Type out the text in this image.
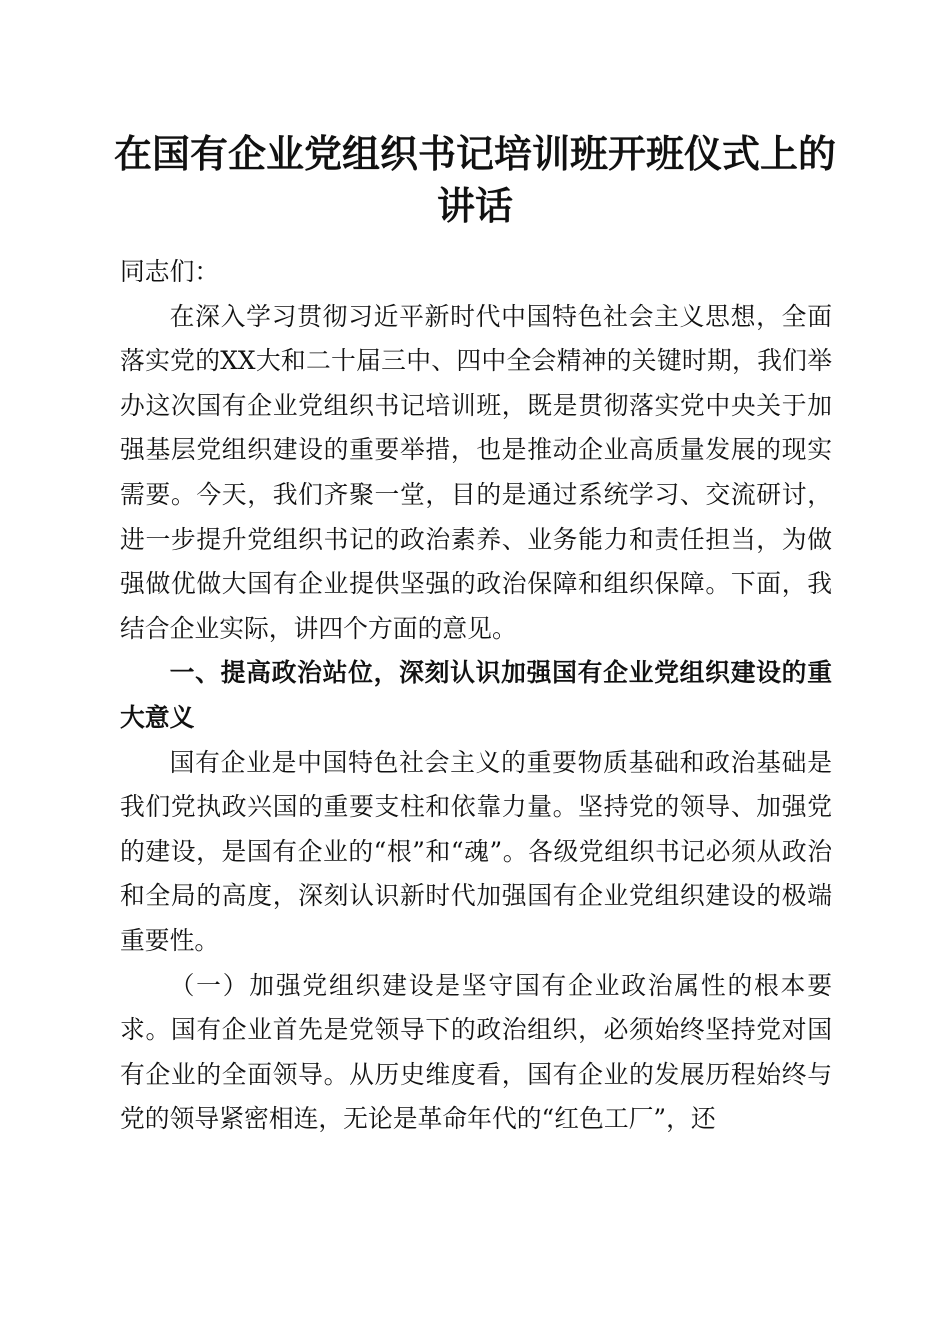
在国有企业党组织书记培训班开班仪式上的讲话

同志们：

在深入学习贯彻习近平新时代中国特色社会主义思想，全面落实党的XX大和二十届三中、四中全会精神的关键时期，我们举办这次国有企业党组织书记培训班，既是贯彻落实党中央关于加强基层党组织建设的重要举措，也是推动企业高质量发展的现实需要。今天，我们齐聚一堂，目的是通过系统学习、交流研讨，进一步提升党组织书记的政治素养、业务能力和责任担当，为做强做优做大国有企业提供坚强的政治保障和组织保障。下面，我结合企业实际，讲四个方面的意见。

一、提高政治站位，深刻认识加强国有企业党组织建设的重大意义

国有企业是中国特色社会主义的重要物质基础和政治基础是我们党执政兴国的重要支柱和依靠力量。坚持党的领导、加强党的建设，是国有企业的“根”和“魂”。各级党组织书记必须从政治和全局的高度，深刻认识新时代加强国有企业党组织建设的极端重要性。

（一）加强党组织建设是坚守国有企业政治属性的根本要求。国有企业首先是党领导下的政治组织，必须始终坚持党对国有企业的全面领导。从历史维度看，国有企业的发展历程始终与党的领导紧密相连，无论是革命年代的“红色工厂”，还
